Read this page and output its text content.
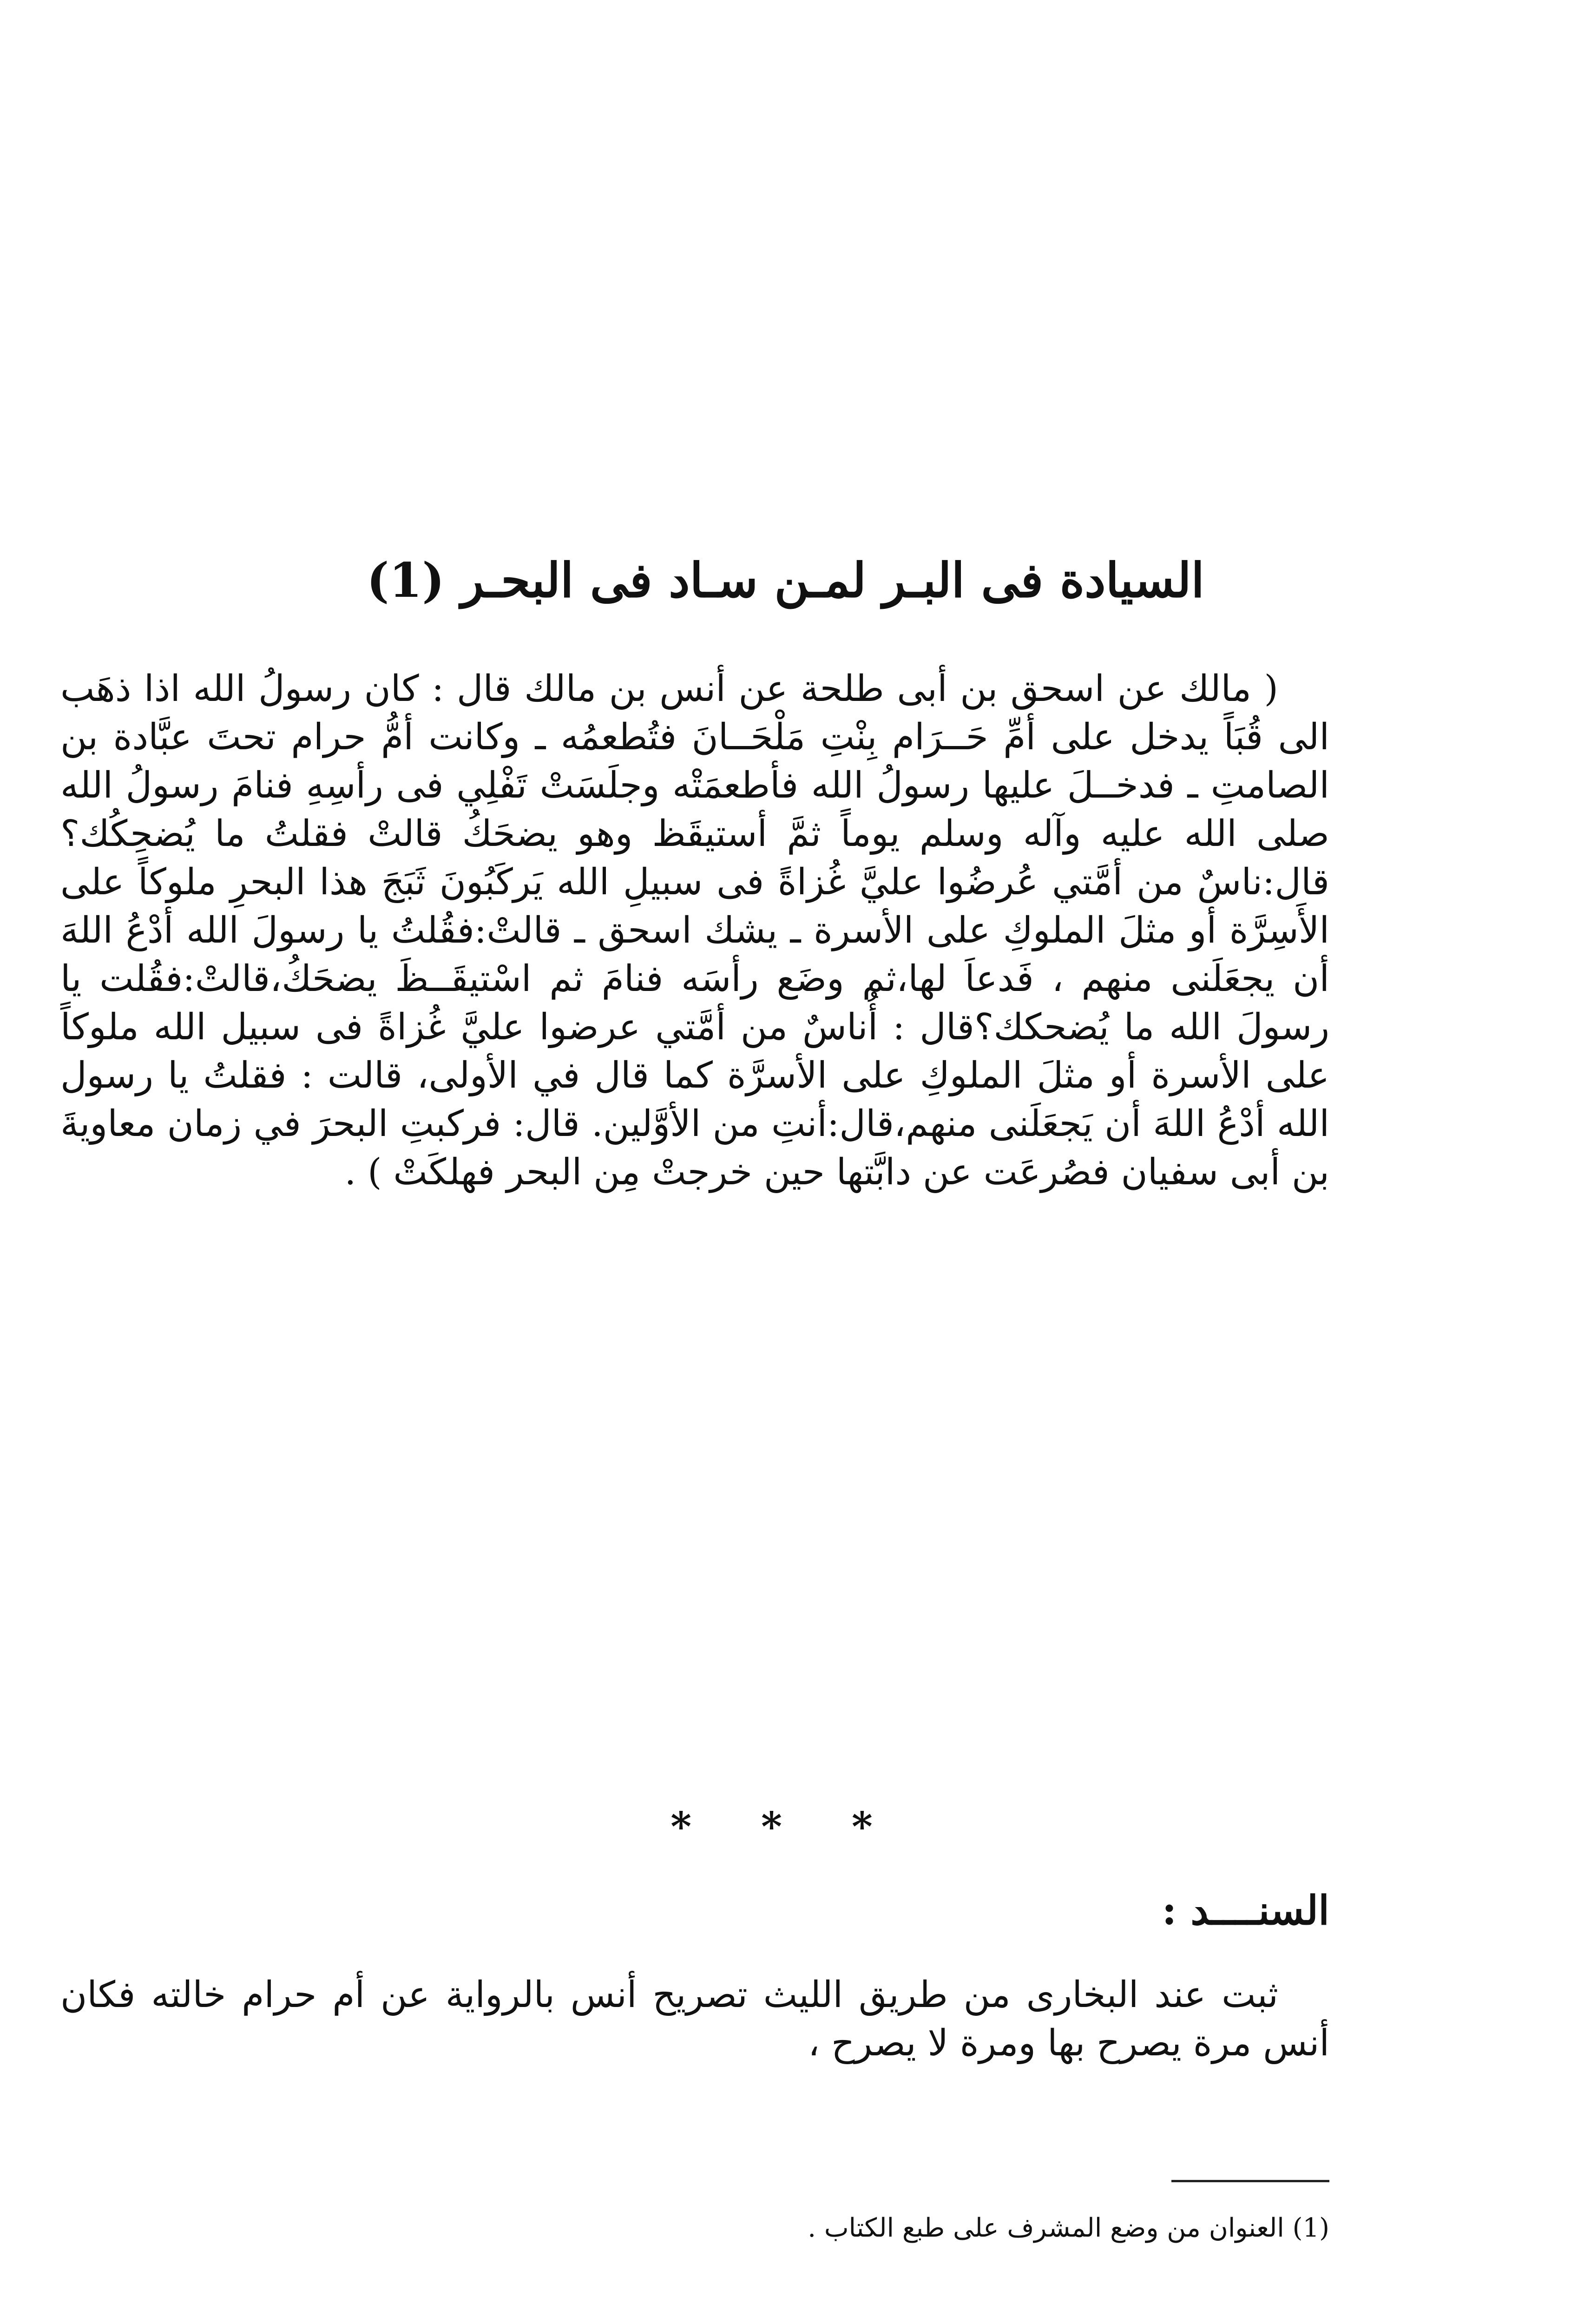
السيادة فى البـر لمـن سـاد فى البحـر (1)

( مالك عن اسحق بن أبى طلحة عن أنس بن مالك قال : كان رسولُ الله اذا ذهَب الى قُبَاً يدخل على أمِّ حَــرَام بِنْتِ مَلْحَــانَ فتُطعمُه ـ وكانت أمُّ حرام تحتَ عبَّادة بن الصامتِ ـ فدخــلَ عليها رسولُ الله فأطعمَتْه وجلَسَتْ تَفْلِي فى رأسِهِ فنامَ رسولُ الله صلى الله عليه وآله وسلم يوماً ثمَّ أستيقَظ وهو يضحَكُ قالتْ فقلتُ ما يُضحِكُك؟قال:ناسٌ من أمَّتي عُرضُوا عليَّ غُزاةً فى سبيلِ الله يَركَبُونَ ثَبَجَ هذا البحرِ ملوكاً على الأَسِرَّة أو مثلَ الملوكِ على الأسرة ـ يشك اسحق ـ قالتْ:فقُلتُ يا رسولَ الله أدْعُ اللهَ أن يجعَلَنى منهم ، فَدعاَ لها،ثم وضَع رأسَه فنامَ ثم اسْتيقَــظَ يضحَكُ،قالتْ:فقُلت يا رسولَ الله ما يُضحكك؟قال : أُناسٌ من أمَّتي عرضوا عليَّ غُزاةً فى سبيل الله ملوكاً على الأسرة أو مثلَ الملوكِ على الأسرَّة كما قال في الأولى، قالت : فقلتُ يا رسول الله أدْعُ اللهَ أن يَجعَلَنى منهم،قال:أنتِ من الأوَّلين. قال: فركبتِ البحرَ في زمان معاويةَ بن أبى سفيان فصُرعَت عن دابَّتها حين خرجتْ مِن البحر فهلكَتْ ) .

* * *
السنــــد :

ثبت عند البخارى من طريق الليث تصريح أنس بالرواية عن أم حرام خالته فكان أنس مرة يصرح بها ومرة لا يصرح ،

(1) العنوان من وضع المشرف على طبع الكتاب .
